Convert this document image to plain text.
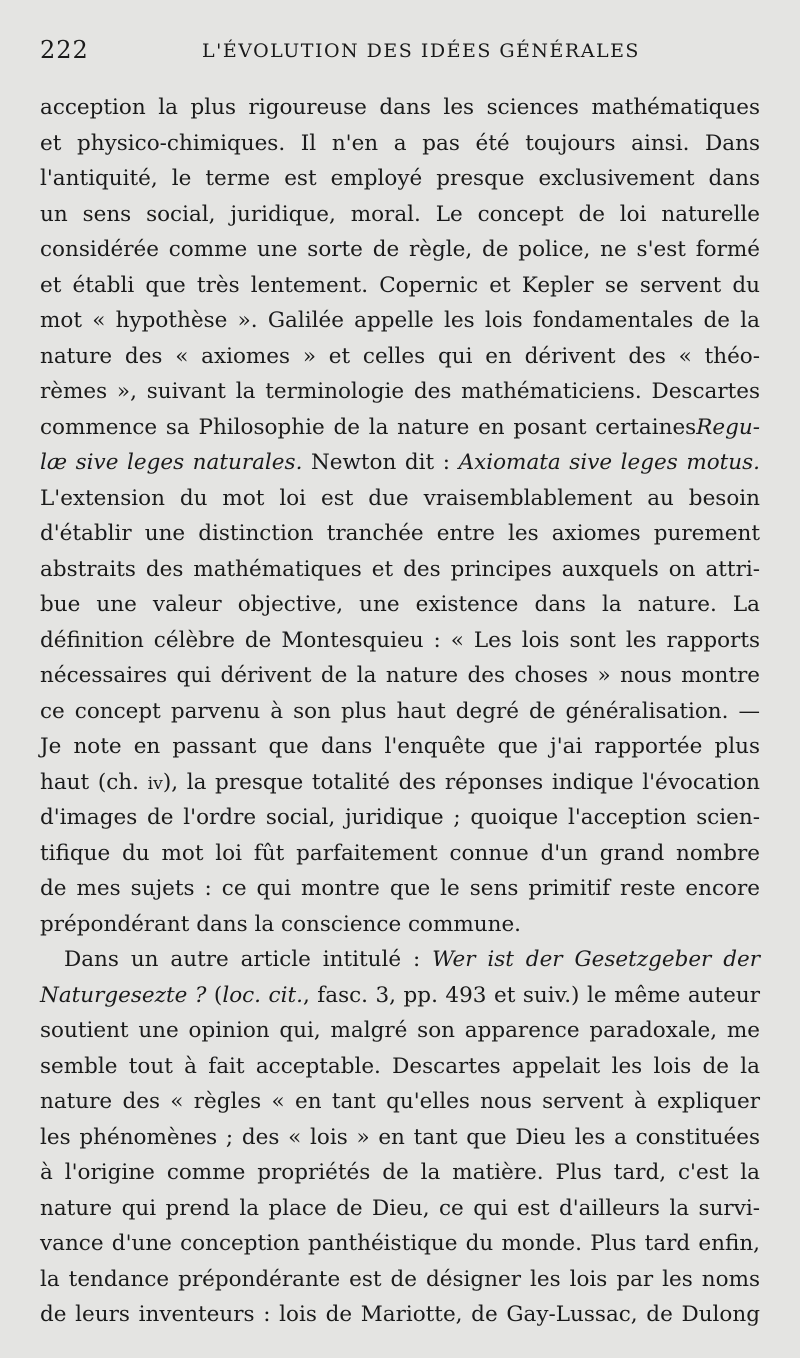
222	L'ÉVOLUTION DES IDÉES GÉNÉRALES
acception la plus rigoureuse dans les sciences mathématiques
et physico-chimiques. Il n'en a pas été toujours ainsi. Dans
l'antiquité, le terme est employé presque exclusivement dans
un sens social, juridique, moral. Le concept de loi naturelle
considérée comme une sorte de règle, de police, ne s'est formé
et établi que très lentement. Copernic et Kepler se servent du
mot « hypothèse ». Galilée appelle les lois fondamentales de la
nature des « axiomes » et celles qui en dérivent des « théo-
rèmes », suivant la terminologie des mathématiciens. Descartes
commence sa Philosophie de la nature en posant certainesRegu-
læ sive leges naturales. Newton dit : Axiomata sive leges motus.
L'extension du mot loi est due vraisemblablement au besoin
d'établir une distinction tranchée entre les axiomes purement
abstraits des mathématiques et des principes auxquels on attri-
bue une valeur objective, une existence dans la nature. La
définition célèbre de Montesquieu : « Les lois sont les rapports
nécessaires qui dérivent de la nature des choses » nous montre
ce concept parvenu à son plus haut degré de généralisation. —
Je note en passant que dans l'enquête que j'ai rapportée plus
haut (ch. iv), la presque totalité des réponses indique l'évocation
d'images de l'ordre social, juridique ; quoique l'acception scien-
tifique du mot loi fût parfaitement connue d'un grand nombre
de mes sujets : ce qui montre que le sens primitif reste encore
prépondérant dans la conscience commune.
Dans un autre article intitulé : Wer ist der Gesetzgeber der
Naturgesezte ? (loc. cit., fasc. 3, pp. 493 et suiv.) le même auteur
soutient une opinion qui, malgré son apparence paradoxale, me
semble tout à fait acceptable. Descartes appelait les lois de la
nature des « règles « en tant qu'elles nous servent à expliquer
les phénomènes ; des « lois » en tant que Dieu les a constituées
à l'origine comme propriétés de la matière. Plus tard, c'est la
nature qui prend la place de Dieu, ce qui est d'ailleurs la survi-
vance d'une conception panthéistique du monde. Plus tard enfin,
la tendance prépondérante est de désigner les lois par les noms
de leurs inventeurs : lois de Mariotte, de Gay-Lussac, de Dulong
